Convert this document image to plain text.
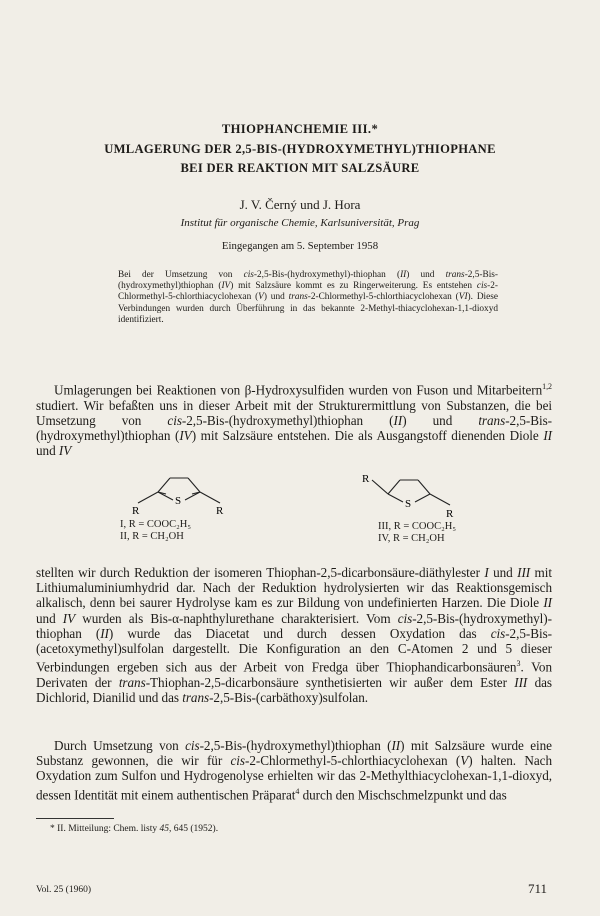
THIOPHANCHEMIE III.*
UMLAGERUNG DER 2,5-BIS-(HYDROXYMETHYL)THIOPHANE
BEI DER REAKTION MIT SALZSÄURE
J. V. Černý und J. Hora
Institut für organische Chemie, Karlsuniversität, Prag
Eingegangen am 5. September 1958

Bei der Umsetzung von cis-2,5-Bis-(hydroxymethyl)-thiophan (II) und trans-2,5-Bis-(hydroxymethyl)thiophan (IV) mit Salzsäure kommt es zu Ringerweiterung. Es entstehen cis-2-Chlormethyl-5-chlorthiacyclohexan (V) und trans-2-Chlormethyl-5-chlorthiacyclohexan (VI). Diese Verbindungen wurden durch Überführung in das bekannte 2-Methyl-thiacyclohexan-1,1-dioxyd identifiziert.

Umlagerungen bei Reaktionen von β-Hydroxysulfiden wurden von Fuson und Mitarbeitern$^{1,2}$ studiert. Wir befaßten uns in dieser Arbeit mit der Strukturermittlung von Substanzen, die bei Umsetzung von cis-2,5-Bis-(hydroxymethyl)thiophan (II) und trans-2,5-Bis-(hydroxymethyl)thiophan (IV) mit Salzsäure entstehen. Die als Ausgangstoff dienenden Diole II und IV

S
R	R
R
S
R
I, R = COOC₂H₅
II, R = CH₂OH
III, R = COOC₂H₅
IV, R = CH₂OH

stellten wir durch Reduktion der isomeren Thiophan-2,5-dicarbonsäure-diäthylester I und III mit Lithiumaluminiumhydrid dar. Nach der Reduktion hydrolysierten wir das Reaktionsgemisch alkalisch, denn bei saurer Hydrolyse kam es zur Bildung von undefinierten Harzen. Die Diole II und IV wurden als Bis-α-naphthylurethane charakterisiert. Vom cis-2,5-Bis-(hydroxymethyl)-thiophan (II) wurde das Diacetat und durch dessen Oxydation das cis-2,5-Bis-(acetoxymethyl)sulfolan dargestellt. Die Konfiguration an den C-Atomen 2 und 5 dieser Verbindungen ergeben sich aus der Arbeit von Fredga über Thiophandicarbonsäuren$^3$. Von Derivaten der trans-Thiophan-2,5-dicarbonsäure synthetisierten wir außer dem Ester III das Dichlorid, Dianilid und das trans-2,5-Bis-(carbäthoxy)sulfolan.

Durch Umsetzung von cis-2,5-Bis-(hydroxymethyl)thiophan (II) mit Salzsäure wurde eine Substanz gewonnen, die wir für cis-2-Chlormethyl-5-chlorthiacyclohexan (V) halten. Nach Oxydation zum Sulfon und Hydrogenolyse erhielten wir das 2-Methylthiacyclohexan-1,1-dioxyd, dessen Identität mit einem authentischen Präparat$^4$ durch den Mischschmelzpunkt und das

* II. Mitteilung: Chem. listy 45, 645 (1952).
Vol. 25 (1960)	711
